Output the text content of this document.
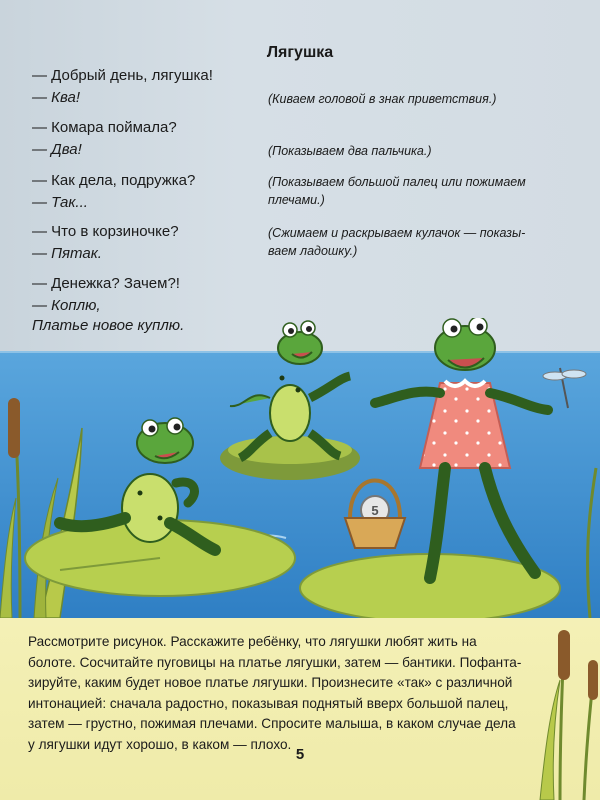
Лягушка
— Добрый день, лягушка!
— Ква!
— Комара поймала?
— Два!
— Как дела, подружка?
— Так...
— Что в корзиночке?
— Пятак.
— Денежка? Зачем?!
— Коплю,
Платье новое куплю.
(Киваем головой в знак приветствия.)
(Показываем два пальчика.)
(Показываем большой палец или пожимаем
плечами.)
(Сжимаем и раскрываем кулачок — показы-
ваем ладошку.)
5
Рассмотрите рисунок. Расскажите ребёнку, что лягушки любят жить на
болоте. Сосчитайте пуговицы на платье лягушки, затем — бантики. Пофанта-
зируйте, каким будет новое платье лягушки. Произнесите «так» с различной
интонацией: сначала радостно, показывая поднятый вверх большой палец,
затем — грустно, пожимая плечами. Спросите малыша, в каком случае дела
у лягушки идут хорошо, в каком — плохо.
5
